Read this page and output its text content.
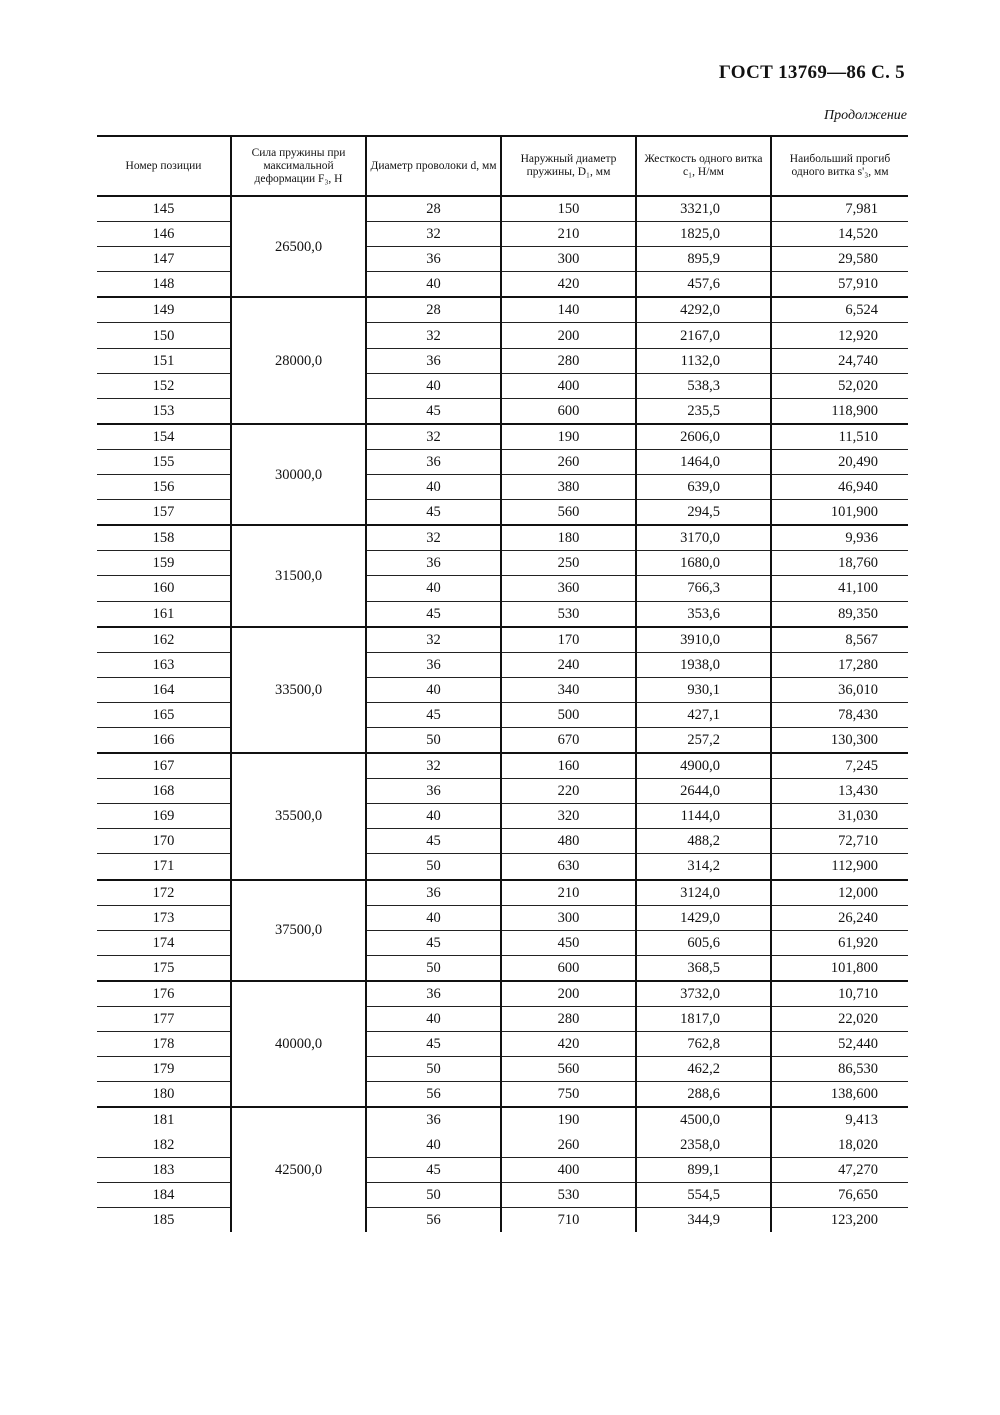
ГОСТ 13769—86 С. 5
Продолжение
Номер позиции	Сила пружины при максимальной деформации F₃, Н	Диаметр проволоки d, мм	Наружный диаметр пружины, D₁, мм	Жесткость одного витка c₁, Н/мм	Наибольший прогиб одного витка s'₃, мм
145	26500,0	28	150	3321,0	7,981
146		32	210	1825,0	14,520
147		36	300	895,9	29,580
148		40	420	457,6	57,910
149	28000,0	28	140	4292,0	6,524
150		32	200	2167,0	12,920
151		36	280	1132,0	24,740
152		40	400	538,3	52,020
153		45	600	235,5	118,900
154	30000,0	32	190	2606,0	11,510
155		36	260	1464,0	20,490
156		40	380	639,0	46,940
157		45	560	294,5	101,900
158	31500,0	32	180	3170,0	9,936
159		36	250	1680,0	18,760
160		40	360	766,3	41,100
161		45	530	353,6	89,350
162	33500,0	32	170	3910,0	8,567
163		36	240	1938,0	17,280
164		40	340	930,1	36,010
165		45	500	427,1	78,430
166		50	670	257,2	130,300
167	35500,0	32	160	4900,0	7,245
168		36	220	2644,0	13,430
169		40	320	1144,0	31,030
170		45	480	488,2	72,710
171		50	630	314,2	112,900
172	37500,0	36	210	3124,0	12,000
173		40	300	1429,0	26,240
174		45	450	605,6	61,920
175		50	600	368,5	101,800
176	40000,0	36	200	3732,0	10,710
177		40	280	1817,0	22,020
178		45	420	762,8	52,440
179		50	560	462,2	86,530
180		56	750	288,6	138,600
181	42500,0	36	190	4500,0	9,413
182		40	260	2358,0	18,020
183		45	400	899,1	47,270
184		50	530	554,5	76,650
185		56	710	344,9	123,200
